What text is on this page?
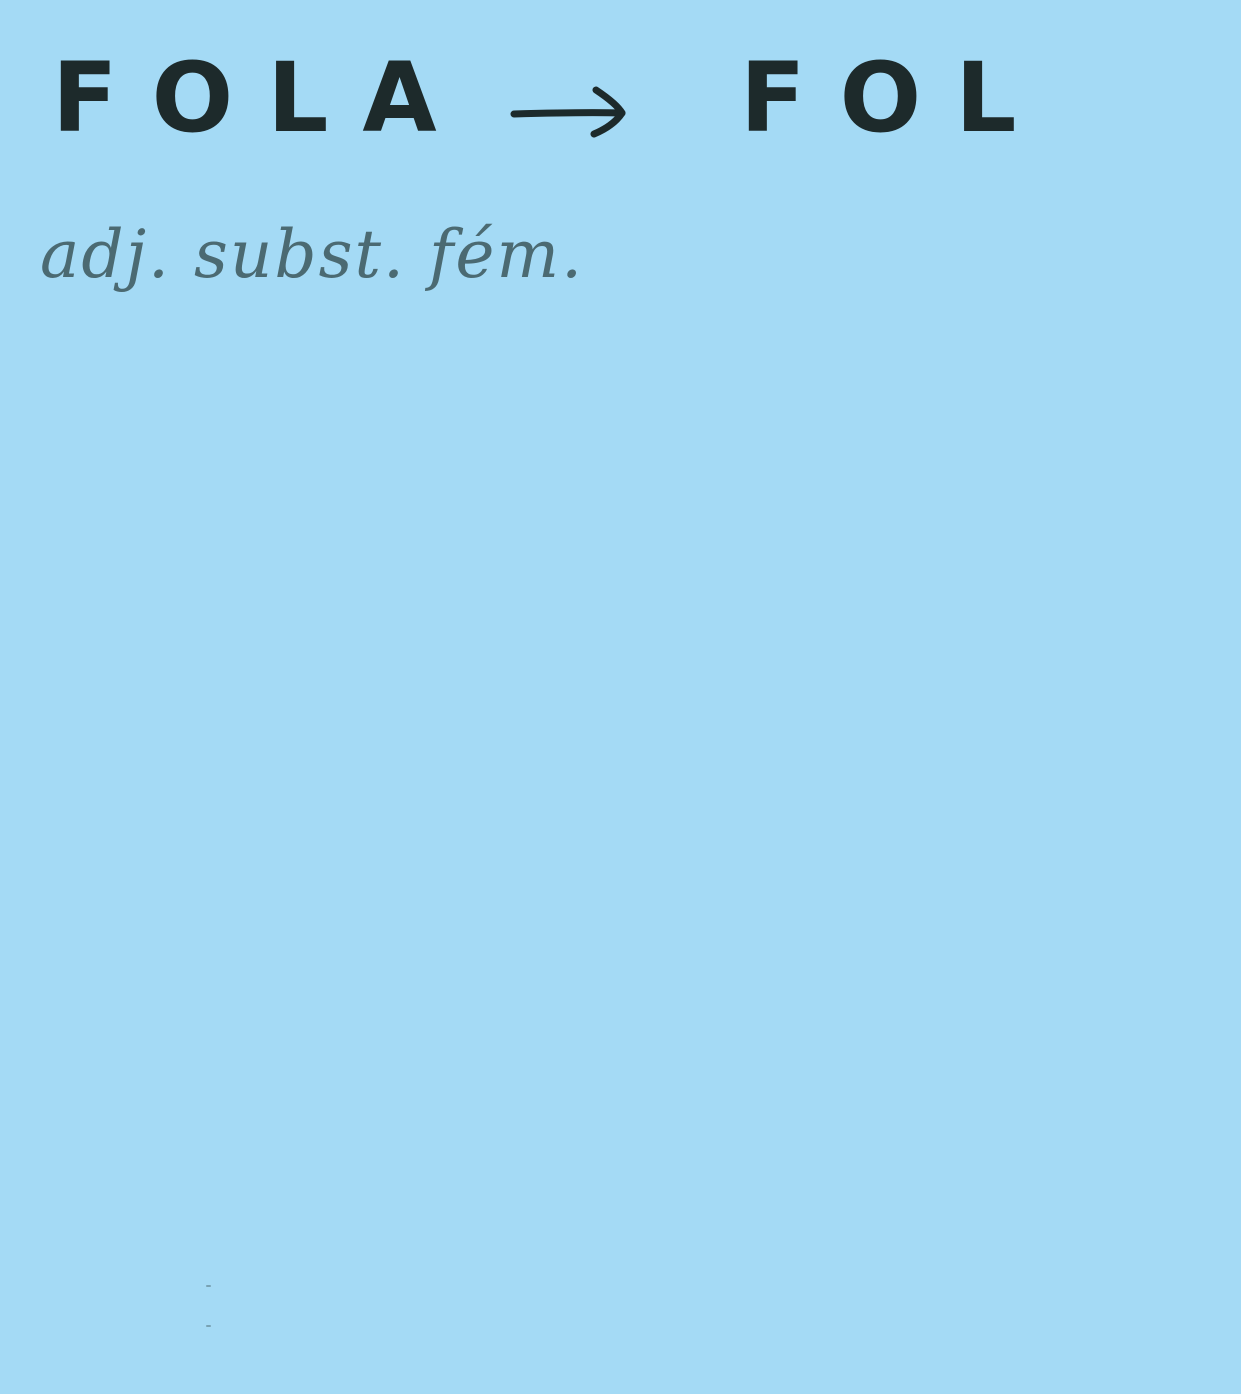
FOLA	FOL
adj. subst. fém.
